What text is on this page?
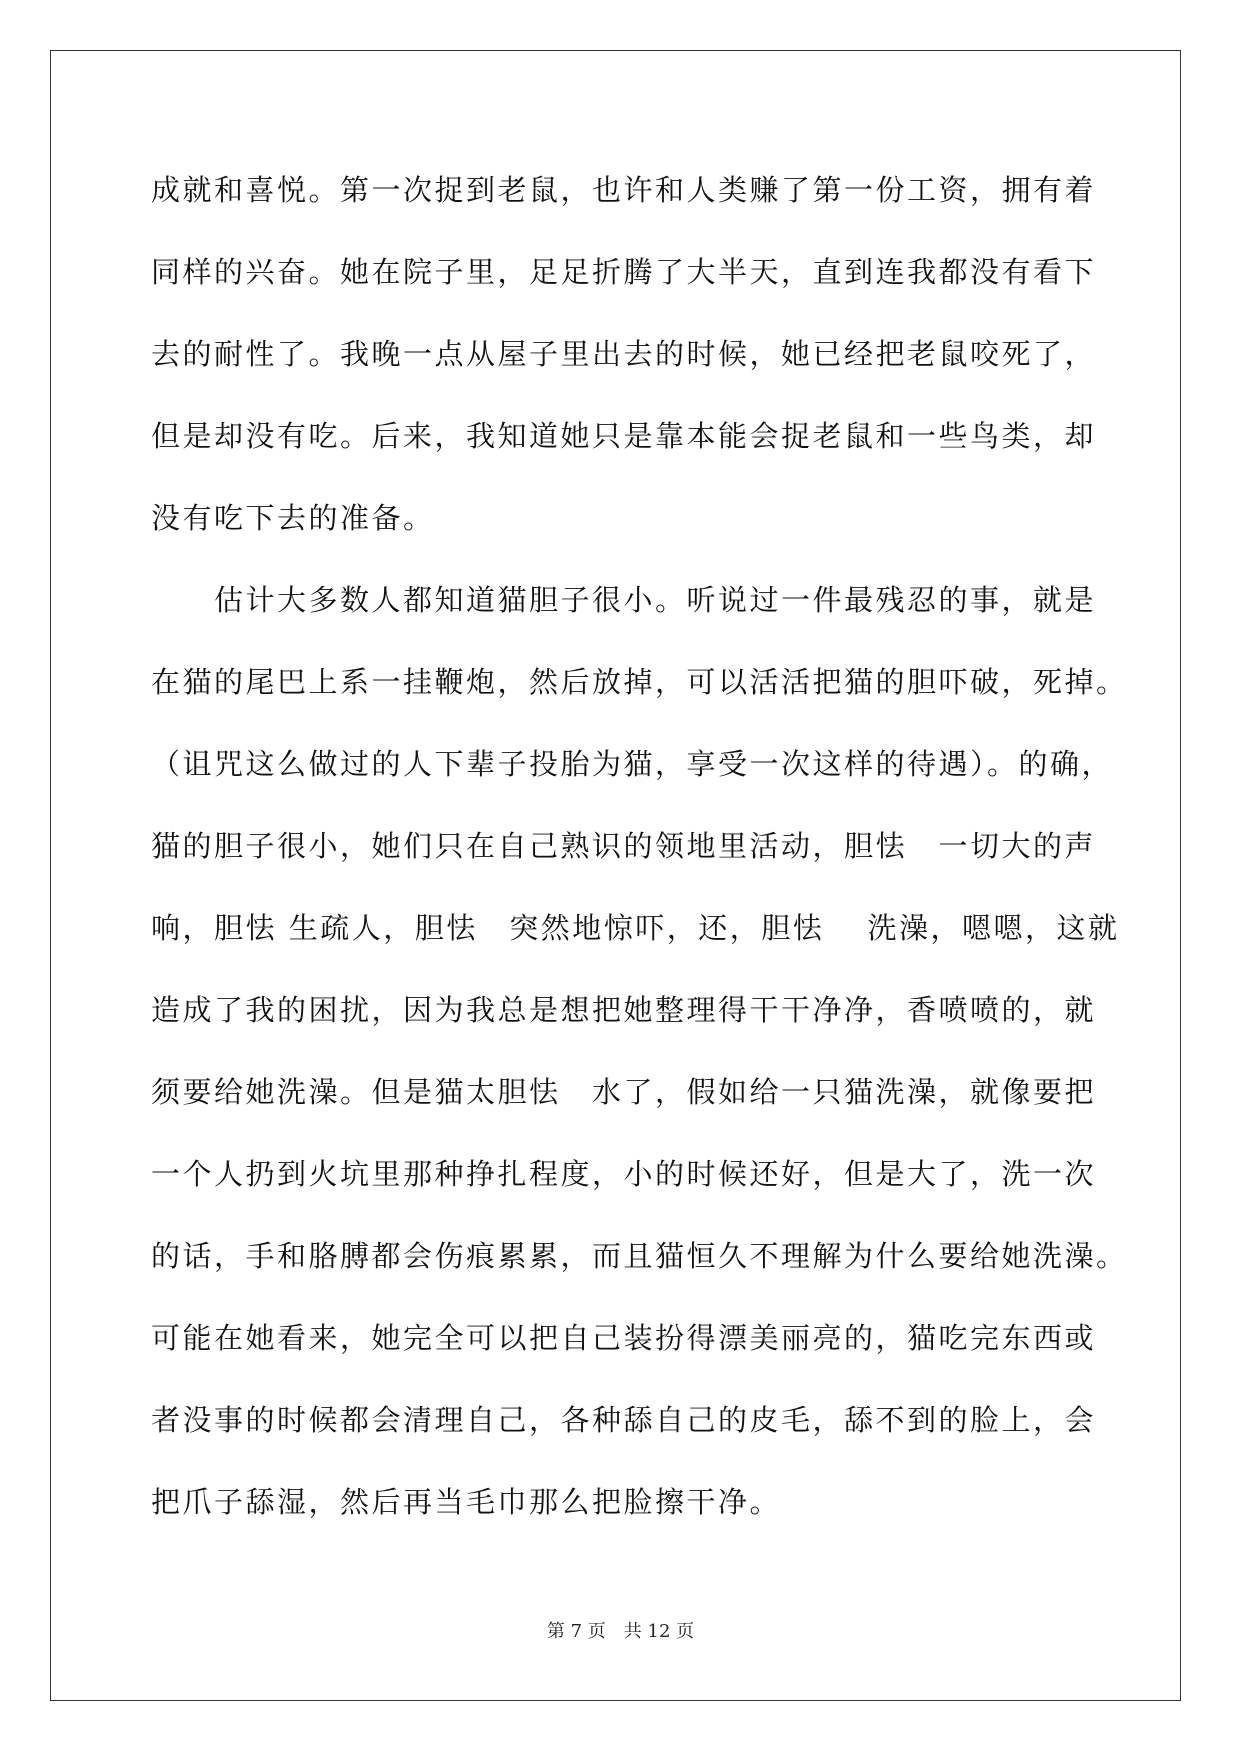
成就和喜悦。第一次捉到老鼠，也许和人类赚了第一份工资，拥有着
同样的兴奋。她在院子里，足足折腾了大半天，直到连我都没有看下
去的耐性了。我晚一点从屋子里出去的时候，她已经把老鼠咬死了，
但是却没有吃。后来，我知道她只是靠本能会捉老鼠和一些鸟类，却
没有吃下去的准备。
　　估计大多数人都知道猫胆子很小。听说过一件最残忍的事，就是
在猫的尾巴上系一挂鞭炮，然后放掉，可以活活把猫的胆吓破，死掉。
（诅咒这么做过的人下辈子投胎为猫，享受一次这样的待遇）。的确，
猫的胆子很小，她们只在自己熟识的领地里活动，胆怯　一切大的声
响，胆怯 生疏人，胆怯　突然地惊吓，还，胆怯　 洗澡，嗯嗯，这就
造成了我的困扰，因为我总是想把她整理得干干净净，香喷喷的，就
须要给她洗澡。但是猫太胆怯　水了，假如给一只猫洗澡，就像要把
一个人扔到火坑里那种挣扎程度，小的时候还好，但是大了，洗一次
的话，手和胳膊都会伤痕累累，而且猫恒久不理解为什么要给她洗澡。
可能在她看来，她完全可以把自己装扮得漂美丽亮的，猫吃完东西或
者没事的时候都会清理自己，各种舔自己的皮毛，舔不到的脸上，会
把爪子舔湿，然后再当毛巾那么把脸擦干净。
第 7 页　共 12 页
